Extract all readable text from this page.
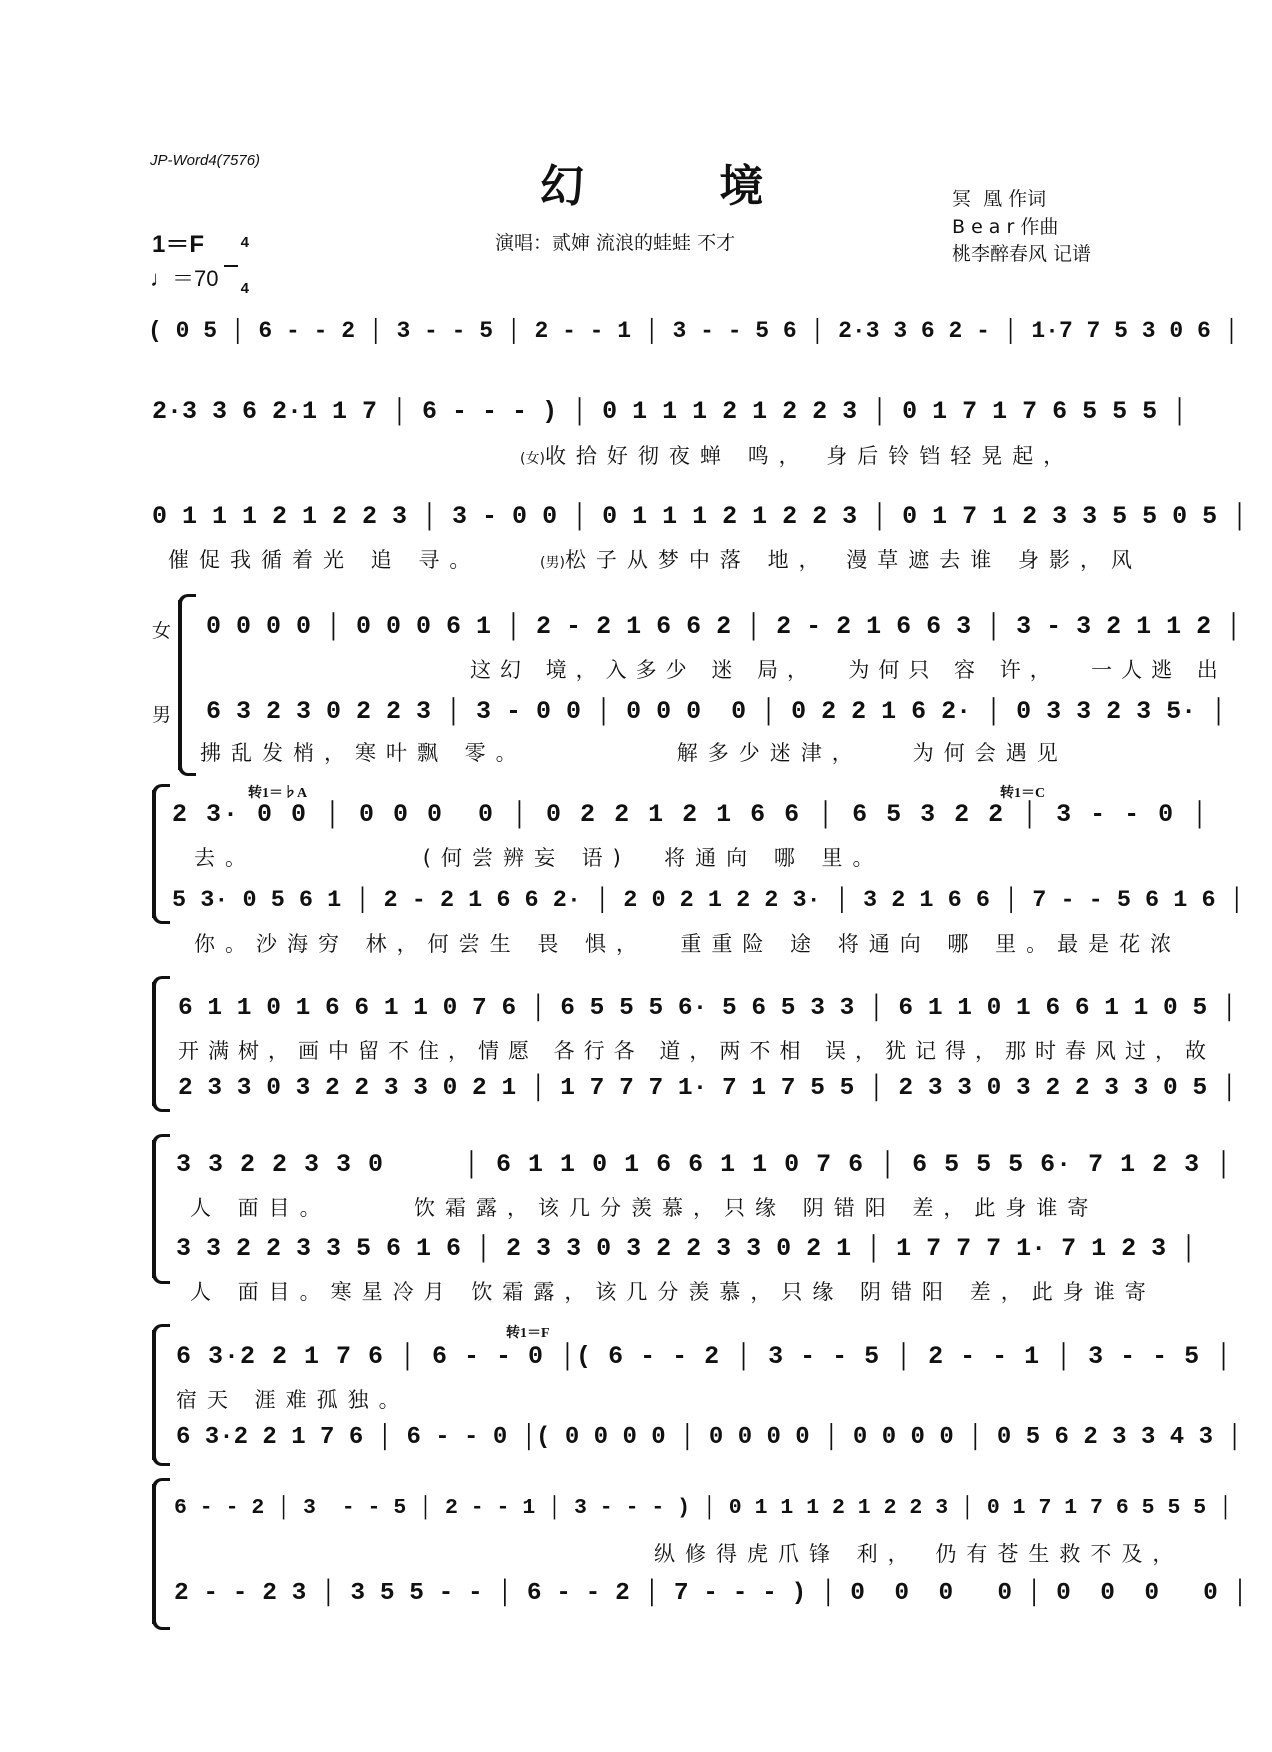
JP-Word4(7576)
幻 境
演唱：贰婶 流浪的蛙蛙 不才
冥  凰 作词
B e a r 作曲
桃李醉春风 记谱
1＝F	4

4

♩＝70
( 0 5 │ 6 - - 2 │ 3 - - 5 │ 2 - - 1 │ 3 - - 5 6 │ 2·3 3 6 2 - │ 1·7 7 5 3 0 6 │
2·3 3 6 2·1 1 7 │ 6 - - - ) │ 0 1 1 1 2 1 2 2 3 │ 0 1 7 1 7 6 5 5 5 │
(女)收拾好彻夜蝉 鸣， 身后铃铛轻晃起，
0 1 1 1 2 1 2 2 3 │ 3 - 0 0 │ 0 1 1 1 2 1 2 2 3 │ 0 1 7 1 2 3 3 5 5 0 5 │
催促我循着光 追 寻。	(男)松子从梦中落 地， 漫草遮去谁 身影，风
女
男
0 0 0 0 │ 0 0 0 6 1 │ 2 - 2 1 6 6 2 │ 2 - 2 1 6 6 3 │ 3 - 3 2 1 1 2 │
这幻 境，入多少 迷 局，  为何只 容 许，  一人逃 出
6 3 2 3 0 2 2 3 │ 3 - 0 0 │ 0 0 0  0 │ 0 2 2 1 6 2· │ 0 3 3 2 3 5· │
拂乱发梢，寒叶飘 零。         解多少迷津，   为何会遇见
转1＝♭A	转1＝C
2 3· 0 0 │ 0 0 0  0 │ 0 2 2 1 2 1 6 6 │ 6 5 3 2 2 │ 3 - - 0 │
去。          (何尝辨妄 语)  将通向 哪 里。
5 3· 0 5 6 1 │ 2 - 2 1 6 6 2· │ 2 0 2 1 2 2 3· │ 3 2 1 6 6 │ 7 - - 5 6 1 6 │
你。沙海穷 林，何尝生 畏 惧，  重重险 途 将通向 哪 里。最是花浓
6 1 1 0 1 6 6 1 1 0 7 6 │ 6 5 5 5 6· 5 6 5 3 3 │ 6 1 1 0 1 6 6 1 1 0 5 │
开满树，画中留不住，情愿 各行各 道，两不相 误，犹记得，那时春风过，故
2 3 3 0 3 2 2 3 3 0 2 1 │ 1 7 7 7 1· 7 1 7 5 5 │ 2 3 3 0 3 2 2 3 3 0 5 │
3 3 2 2 3 3 0     │ 6 1 1 0 1 6 6 1 1 0 7 6 │ 6 5 5 5 6· 7 1 2 3 │
人 面目。     饮霜露，该几分羡慕，只缘 阴错阳 差，此身谁寄
3 3 2 2 3 3 5 6 1 6 │ 2 3 3 0 3 2 2 3 3 0 2 1 │ 1 7 7 7 1· 7 1 2 3 │
人 面目。寒星冷月 饮霜露，该几分羡慕，只缘 阴错阳 差，此身谁寄
转1＝F
6 3·2 2 1 7 6 │ 6 - - 0 │( 6 - - 2 │ 3 - - 5 │ 2 - - 1 │ 3 - - 5 │
宿天 涯难孤独。
6 3·2 2 1 7 6 │ 6 - - 0 │( 0 0 0 0 │ 0 0 0 0 │ 0 0 0 0 │ 0 5 6 2 3 3 4 3 │
6 - - 2 │ 3  - - 5 │ 2 - - 1 │ 3 - - - ) │ 0 1 1 1 2 1 2 2 3 │ 0 1 7 1 7 6 5 5 5 │
纵修得虎爪锋 利， 仍有苍生救不及，
2 - - 2 3 │ 3 5 5 - - │ 6 - - 2 │ 7 - - - ) │ 0  0  0   0 │ 0  0  0   0 │
